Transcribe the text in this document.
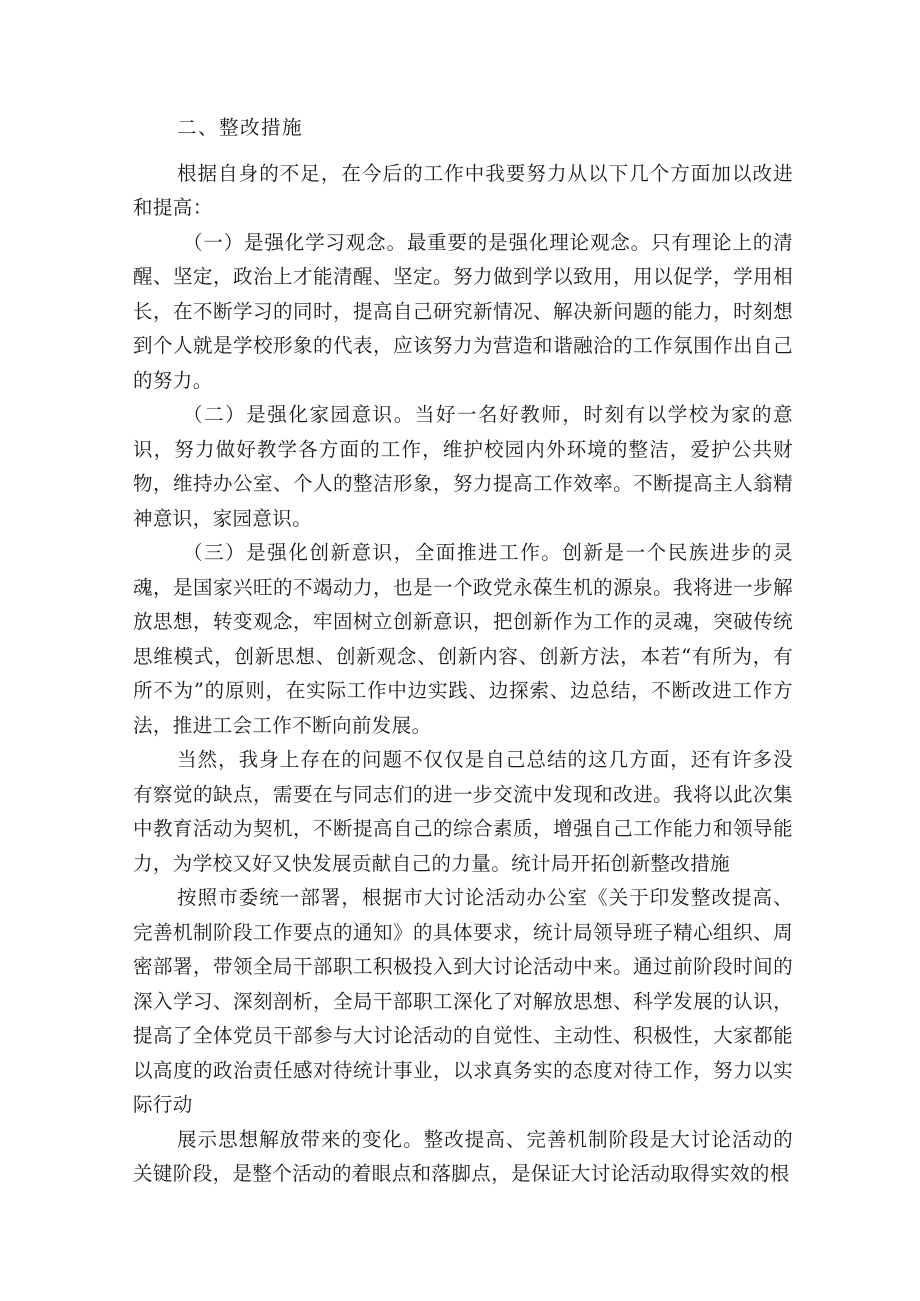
二、整改措施

根据自身的不足，在今后的工作中我要努力从以下几个方面加以改进和提高：

（一）是强化学习观念。最重要的是强化理论观念。只有理论上的清醒、坚定，政治上才能清醒、坚定。努力做到学以致用，用以促学，学用相长，在不断学习的同时，提高自己研究新情况、解决新问题的能力，时刻想到个人就是学校形象的代表，应该努力为营造和谐融洽的工作氛围作出自己的努力。

（二）是强化家园意识。当好一名好教师，时刻有以学校为家的意识，努力做好教学各方面的工作，维护校园内外环境的整洁，爱护公共财物，维持办公室、个人的整洁形象，努力提高工作效率。不断提高主人翁精神意识，家园意识。

（三）是强化创新意识，全面推进工作。创新是一个民族进步的灵魂，是国家兴旺的不竭动力，也是一个政党永葆生机的源泉。我将进一步解放思想，转变观念，牢固树立创新意识，把创新作为工作的灵魂，突破传统思维模式，创新思想、创新观念、创新内容、创新方法，本若“有所为，有所不为”的原则，在实际工作中边实践、边探索、边总结，不断改进工作方法，推进工会工作不断向前发展。

当然，我身上存在的问题不仅仅是自己总结的这几方面，还有许多没有察觉的缺点，需要在与同志们的进一步交流中发现和改进。我将以此次集中教育活动为契机，不断提高自己的综合素质，增强自己工作能力和领导能力，为学校又好又快发展贡献自己的力量。统计局开拓创新整改措施

按照市委统一部署，根据市大讨论活动办公室《关于印发整改提高、完善机制阶段工作要点的通知》的具体要求，统计局领导班子精心组织、周密部署，带领全局干部职工积极投入到大讨论活动中来。通过前阶段时间的深入学习、深刻剖析，全局干部职工深化了对解放思想、科学发展的认识，提高了全体党员干部参与大讨论活动的自觉性、主动性、积极性，大家都能以高度的政治责任感对待统计事业，以求真务实的态度对待工作，努力以实际行动

展示思想解放带来的变化。整改提高、完善机制阶段是大讨论活动的关键阶段，是整个活动的着眼点和落脚点，是保证大讨论活动取得实效的根
